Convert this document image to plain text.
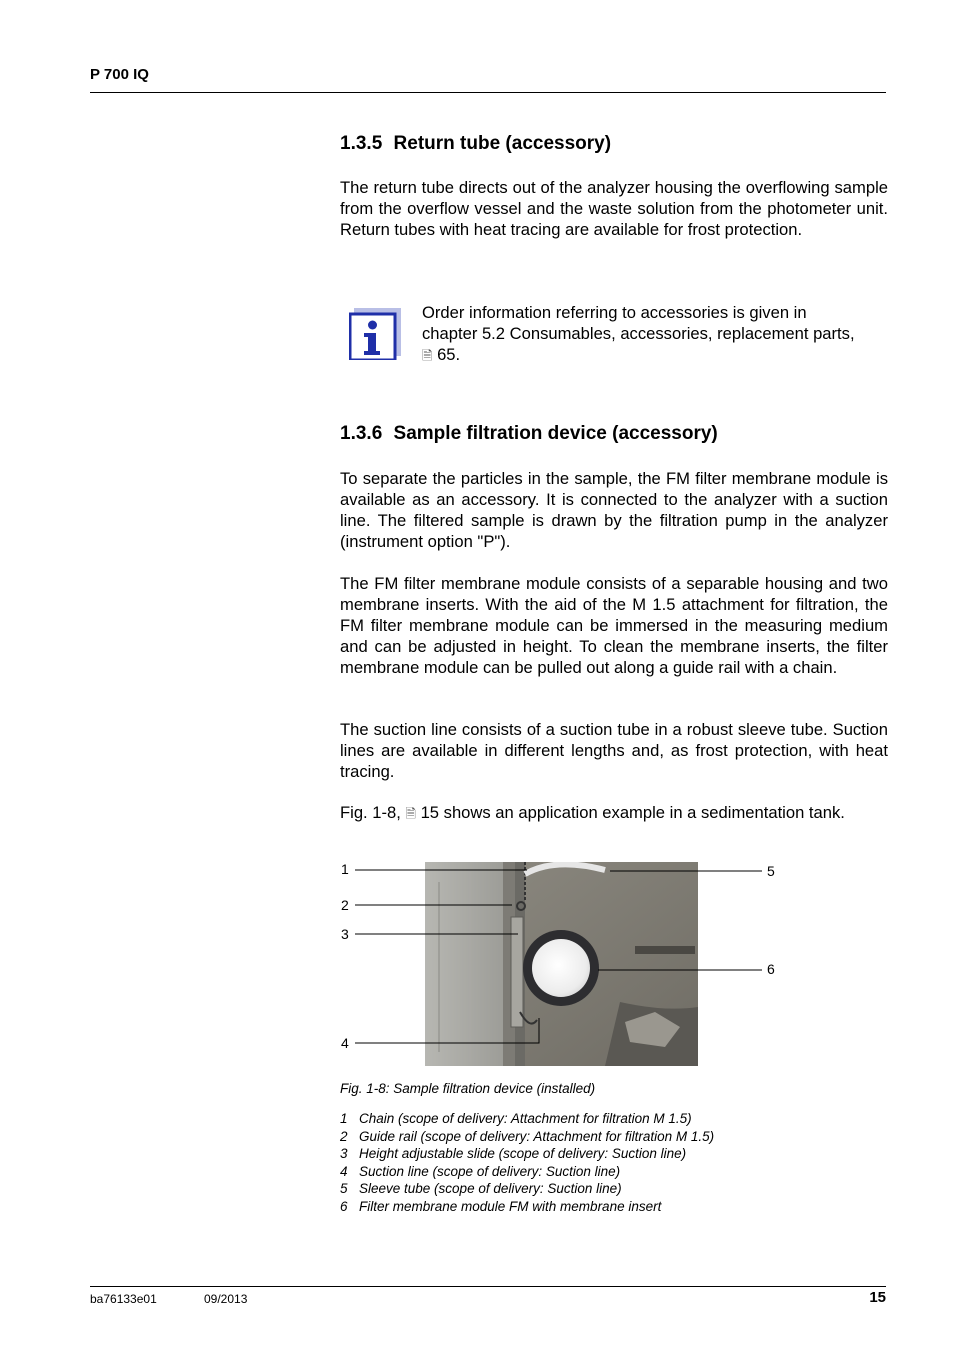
P 700 IQ
1.3.5 Return tube (accessory)

The return tube directs out of the analyzer housing the overflowing sample from the overflow vessel and the waste solution from the photometer unit. Return tubes with heat tracing are available for frost protection.

Order information referring to accessories is given in
chapter 5.2 Consumables, accessories, replacement parts,
🗎 65.
1.3.6 Sample filtration device (accessory)

To separate the particles in the sample, the FM filter membrane module is available as an accessory. It is connected to the analyzer with a suction line. The filtered sample is drawn by the filtration pump in the analyzer (instrument option "P").

The FM filter membrane module consists of a separable housing and two membrane inserts. With the aid of the M 1.5 attachment for filtration, the FM filter membrane module can be immersed in the measuring medium and can be adjusted in height. To clean the membrane inserts, the filter membrane module can be pulled out along a guide rail with a chain.

The suction line consists of a suction tube in a robust sleeve tube. Suction lines are available in different lengths and, as frost protection, with heat tracing.

Fig. 1-8, 🗎 15 shows an application example in a sedimentation tank.

1
2
3
4
5
6
Fig. 1-8: Sample filtration device (installed)
1 Chain (scope of delivery: Attachment for filtration M 1.5)
2 Guide rail (scope of delivery: Attachment for filtration M 1.5)
3 Height adjustable slide (scope of delivery: Suction line)
4 Suction line (scope of delivery: Suction line)
5 Sleeve tube (scope of delivery: Suction line)
6 Filter membrane module FM with membrane insert
ba76133e01	09/2013	15
